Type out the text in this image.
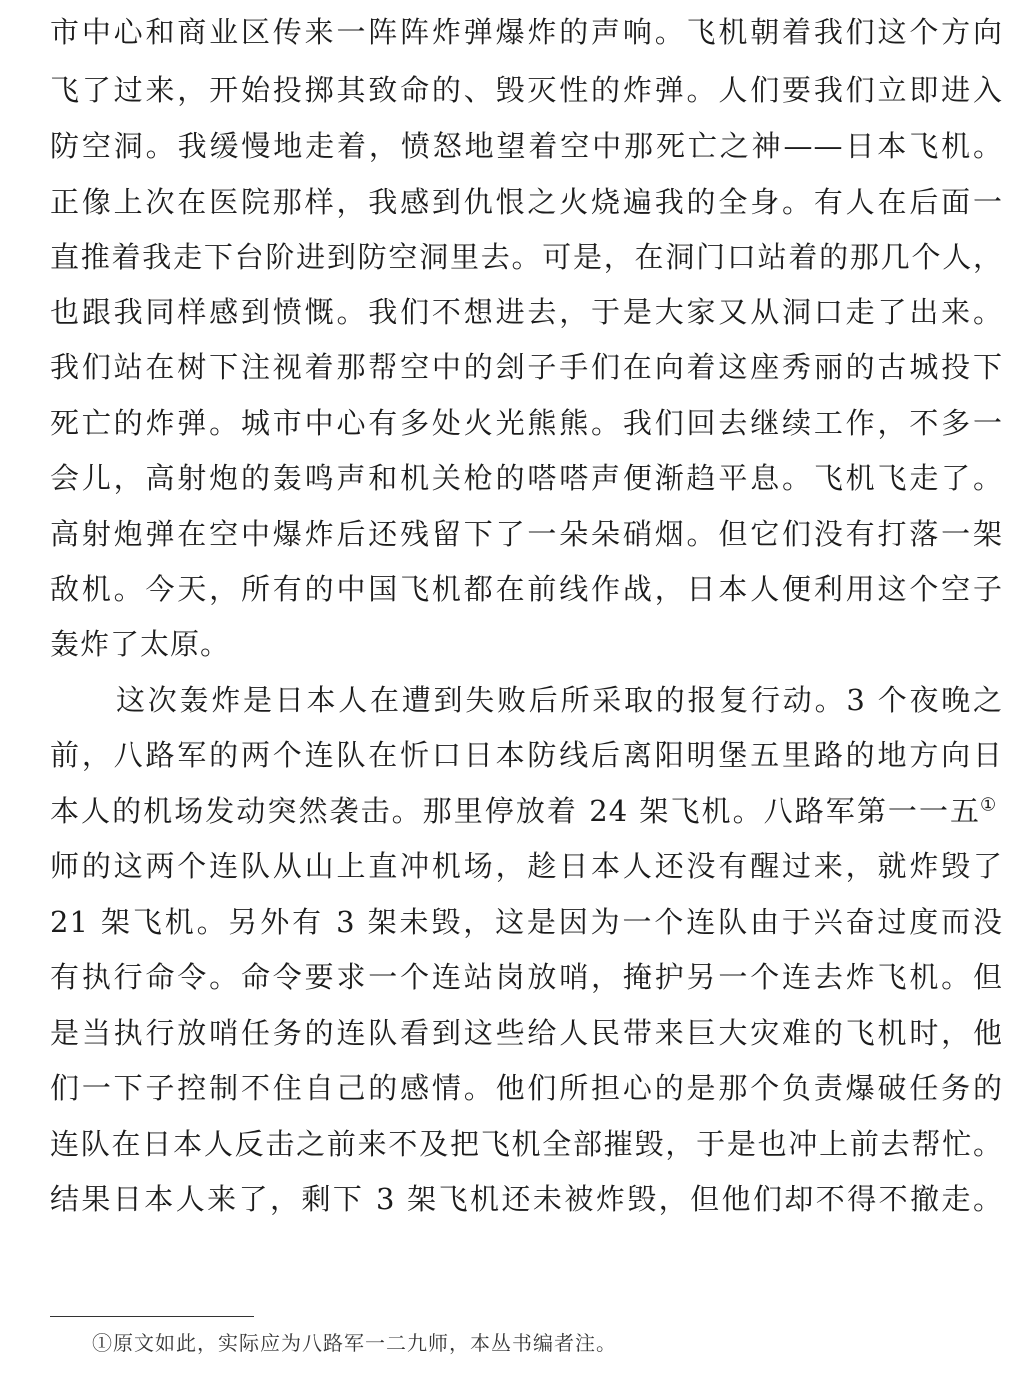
市中心和商业区传来一阵阵炸弹爆炸的声响。飞机朝着我们这个方向
飞了过来，开始投掷其致命的、毁灭性的炸弹。人们要我们立即进入
防空洞。我缓慢地走着，愤怒地望着空中那死亡之神——日本飞机。
正像上次在医院那样，我感到仇恨之火烧遍我的全身。有人在后面一
直推着我走下台阶进到防空洞里去。可是，在洞门口站着的那几个人，
也跟我同样感到愤慨。我们不想进去，于是大家又从洞口走了出来。
我们站在树下注视着那帮空中的刽子手们在向着这座秀丽的古城投下
死亡的炸弹。城市中心有多处火光熊熊。我们回去继续工作，不多一
会儿，高射炮的轰鸣声和机关枪的嗒嗒声便渐趋平息。飞机飞走了。
高射炮弹在空中爆炸后还残留下了一朵朵硝烟。但它们没有打落一架
敌机。今天，所有的中国飞机都在前线作战，日本人便利用这个空子
轰炸了太原。
这次轰炸是日本人在遭到失败后所采取的报复行动。3 个夜晚之
前，八路军的两个连队在忻口日本防线后离阳明堡五里路的地方向日
本人的机场发动突然袭击。那里停放着 24 架飞机。八路军第一一五①
师的这两个连队从山上直冲机场，趁日本人还没有醒过来，就炸毁了
21 架飞机。另外有 3 架未毁，这是因为一个连队由于兴奋过度而没
有执行命令。命令要求一个连站岗放哨，掩护另一个连去炸飞机。但
是当执行放哨任务的连队看到这些给人民带来巨大灾难的飞机时，他
们一下子控制不住自己的感情。他们所担心的是那个负责爆破任务的
连队在日本人反击之前来不及把飞机全部摧毁，于是也冲上前去帮忙。
结果日本人来了，剩下 3 架飞机还未被炸毁，但他们却不得不撤走。
①原文如此，实际应为八路军一二九师，本丛书编者注。
